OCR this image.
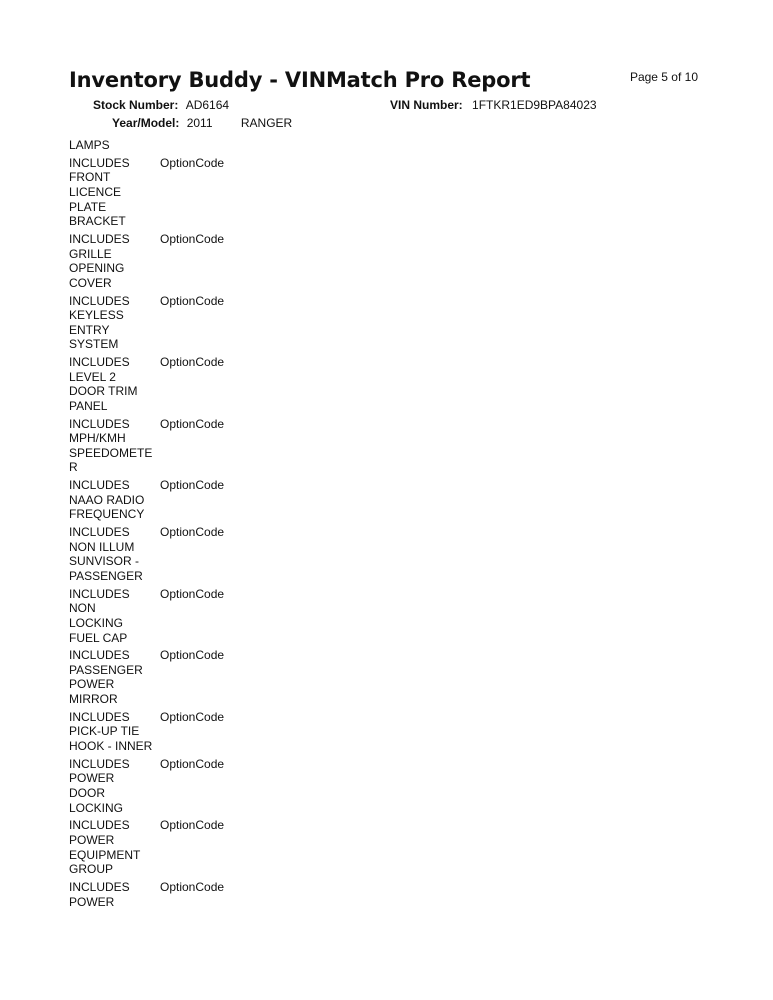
Inventory Buddy - VINMatch Pro Report	Page 5 of 10
Stock Number: AD6164	VIN Number: 1FTKR1ED9BPA84023
Year/Model: 2011 RANGER
LAMPS
INCLUDES
FRONT
LICENCE
PLATE
BRACKET
OptionCode
INCLUDES
GRILLE
OPENING
COVER
OptionCode
INCLUDES
KEYLESS
ENTRY
SYSTEM
OptionCode
INCLUDES
LEVEL 2
DOOR TRIM
PANEL
OptionCode
INCLUDES
MPH/KMH
SPEEDOMETE
R
OptionCode
INCLUDES
NAAO RADIO
FREQUENCY
OptionCode
INCLUDES
NON ILLUM
SUNVISOR -
PASSENGER
OptionCode
INCLUDES
NON
LOCKING
FUEL CAP
OptionCode
INCLUDES
PASSENGER
POWER
MIRROR
OptionCode
INCLUDES
PICK-UP TIE
HOOK - INNER
OptionCode
INCLUDES
POWER
DOOR
LOCKING
OptionCode
INCLUDES
POWER
EQUIPMENT
GROUP
OptionCode
INCLUDES
POWER
OptionCode
